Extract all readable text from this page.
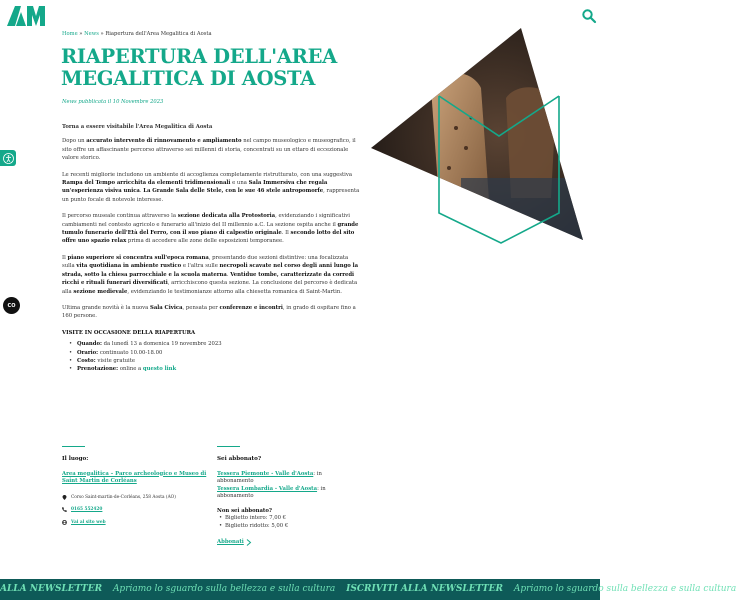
CO
Home » News » Riapertura dell'Area Megalitica di Aosta
RIAPERTURA DELL'AREA MEGALITICA DI AOSTA
News pubblicata il 10 Novembre 2023

Torna a essere visitabile l'Area Megalitica di Aosta

Dopo un accurato intervento di rinnovamento e ampliamento nel campo museologico e museografico, il sito offre un affascinante percorso attraverso sei millenni di storia, concentrati su un ettaro di eccezionale valore storico.

Le recenti migliorie includono un ambiente di accoglienza completamente ristrutturato, con una suggestiva Rampa del Tempo arricchita da elementi tridimensionali e una Sala Immersiva che regala un'esperienza visiva unica. La Grande Sala delle Stele, con le sue 46 stele antropomorfe, rappresenta un punto focale di notevole interesse.

Il percorso museale continua attraverso la sezione dedicata alla Protostoria, evidenziando i significativi cambiamenti nel contesto agricolo e funerario all'inizio del II millennio a.C. La sezione ospita anche il grande tumulo funerario dell'Età del Ferro, con il suo piano di calpestio originale. Il secondo lotto del sito offre uno spazio relax prima di accedere alle zone delle esposizioni temporanee.

Il piano superiore si concentra sull'epoca romana, presentando due sezioni distintive: una focalizzata sulla vita quotidiana in ambiente rustico e l'altra sulle necropoli scavate nel corso degli anni lungo la strada, sotto la chiesa parrocchiale e la scuola materna. Ventidue tombe, caratterizzate da corredi ricchi e rituali funerari diversificati, arricchiscono questa sezione. La conclusione del percorso è dedicata alla sezione medievale, evidenziando le testimonianze attorno alla chiesetta romanica di Saint-Martin.

Ultima grande novità è la nuova Sala Civica, pensata per conferenze e incontri, in grado di ospitare fino a 160 persone.

VISITE IN OCCASIONE DELLA RIAPERTURA
• Quando: da lunedì 13 a domenica 19 novembre 2023
• Orario: continuato 10.00-18.00
• Costo: visite gratuite
• Prenotazione: online a questo link
Il luogo:
Area megalitica – Parco archeologico e Museo di Saint Martin de Corléans
Corso Saint-martin-de-Corléans, 258 Aosta (AO)
0165 552420
Vai al sito web
Sei abbonato?
Tessera Piemonte - Valle d'Aosta: in abbonamento
Tessera Lombardia - Valle d'Aosta: in abbonamento
Non sei abbonato?
• Biglietto intero: 7,00 €
• Biglietto ridotto: 5,00 €
Abbonati
ALLA NEWSLETTER Apriamo lo sguardo sulla bellezza e sulla cultura ISCRIVITI ALLA NEWSLETTER Apriamo lo sguardo sulla bellezza e sulla cultura
